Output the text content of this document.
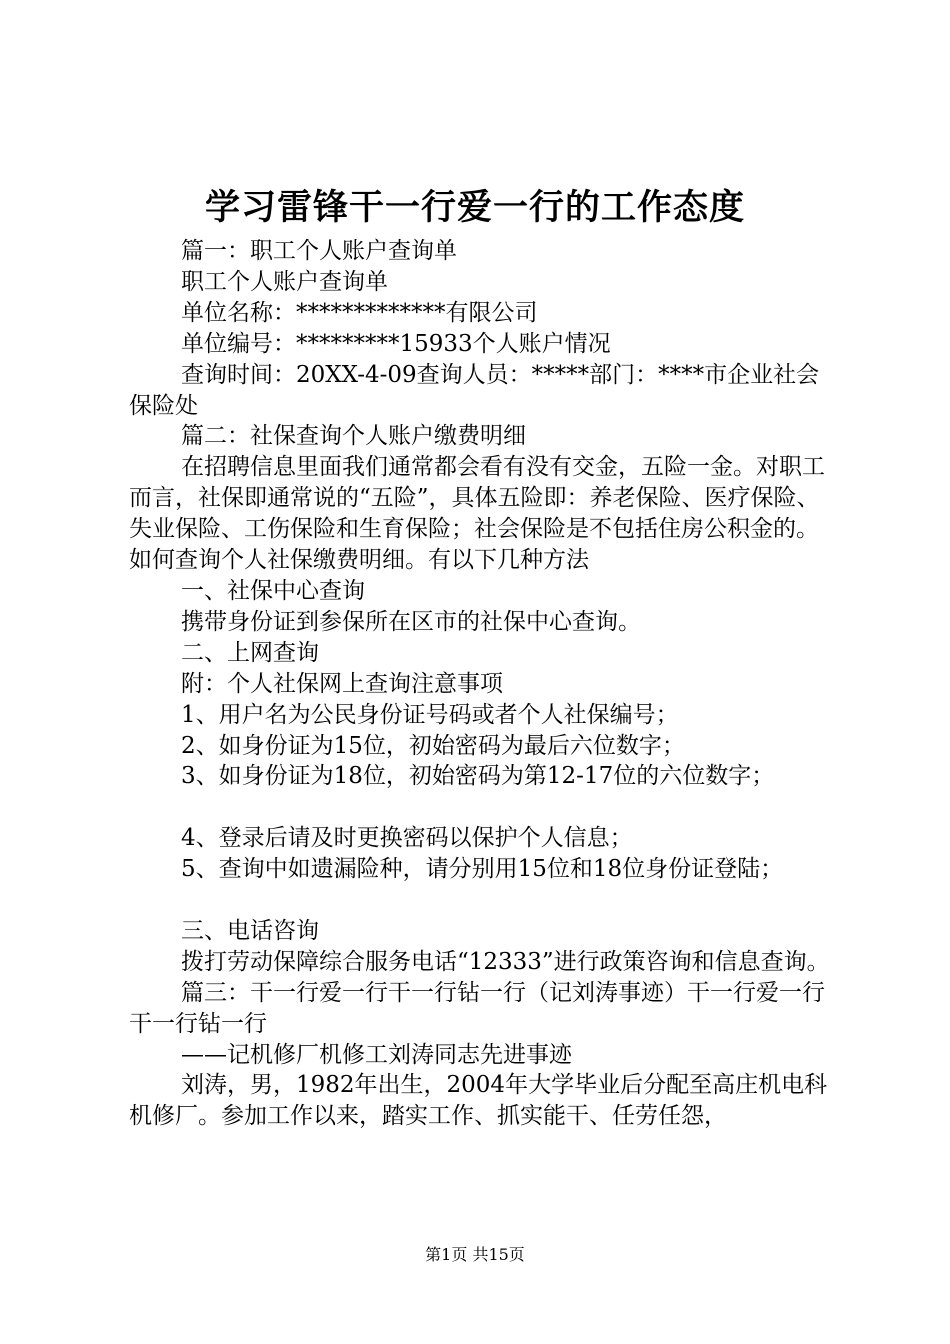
学习雷锋干一行爱一行的工作态度

篇一：职工个人账户查询单

职工个人账户查询单

单位名称：*************有限公司

单位编号：*********15933个人账户情况

查询时间：20XX-4-09查询人员：*****部门：****市企业社会保险处

篇二：社保查询个人账户缴费明细

在招聘信息里面我们通常都会看有没有交金，五险一金。对职工而言，社保即通常说的“五险”，具体五险即：养老保险、医疗保险、失业保险、工伤保险和生育保险；社会保险是不包括住房公积金的。如何查询个人社保缴费明细。有以下几种方法

一、社保中心查询

携带身份证到参保所在区市的社保中心查询。

二、上网查询

附：个人社保网上查询注意事项

1、用户名为公民身份证号码或者个人社保编号；

2、如身份证为15位，初始密码为最后六位数字；

3、如身份证为18位，初始密码为第12-17位的六位数字；

4、登录后请及时更换密码以保护个人信息；

5、查询中如遗漏险种，请分别用15位和18位身份证登陆；

三、电话咨询

拨打劳动保障综合服务电话“12333”进行政策咨询和信息查询。

篇三：干一行爱一行干一行钻一行（记刘涛事迹）干一行爱一行干一行钻一行

——记机修厂机修工刘涛同志先进事迹

刘涛，男，1982年出生，2004年大学毕业后分配至高庄机电科机修厂。参加工作以来，踏实工作、抓实能干、任劳任怨，

第1页 共15页
